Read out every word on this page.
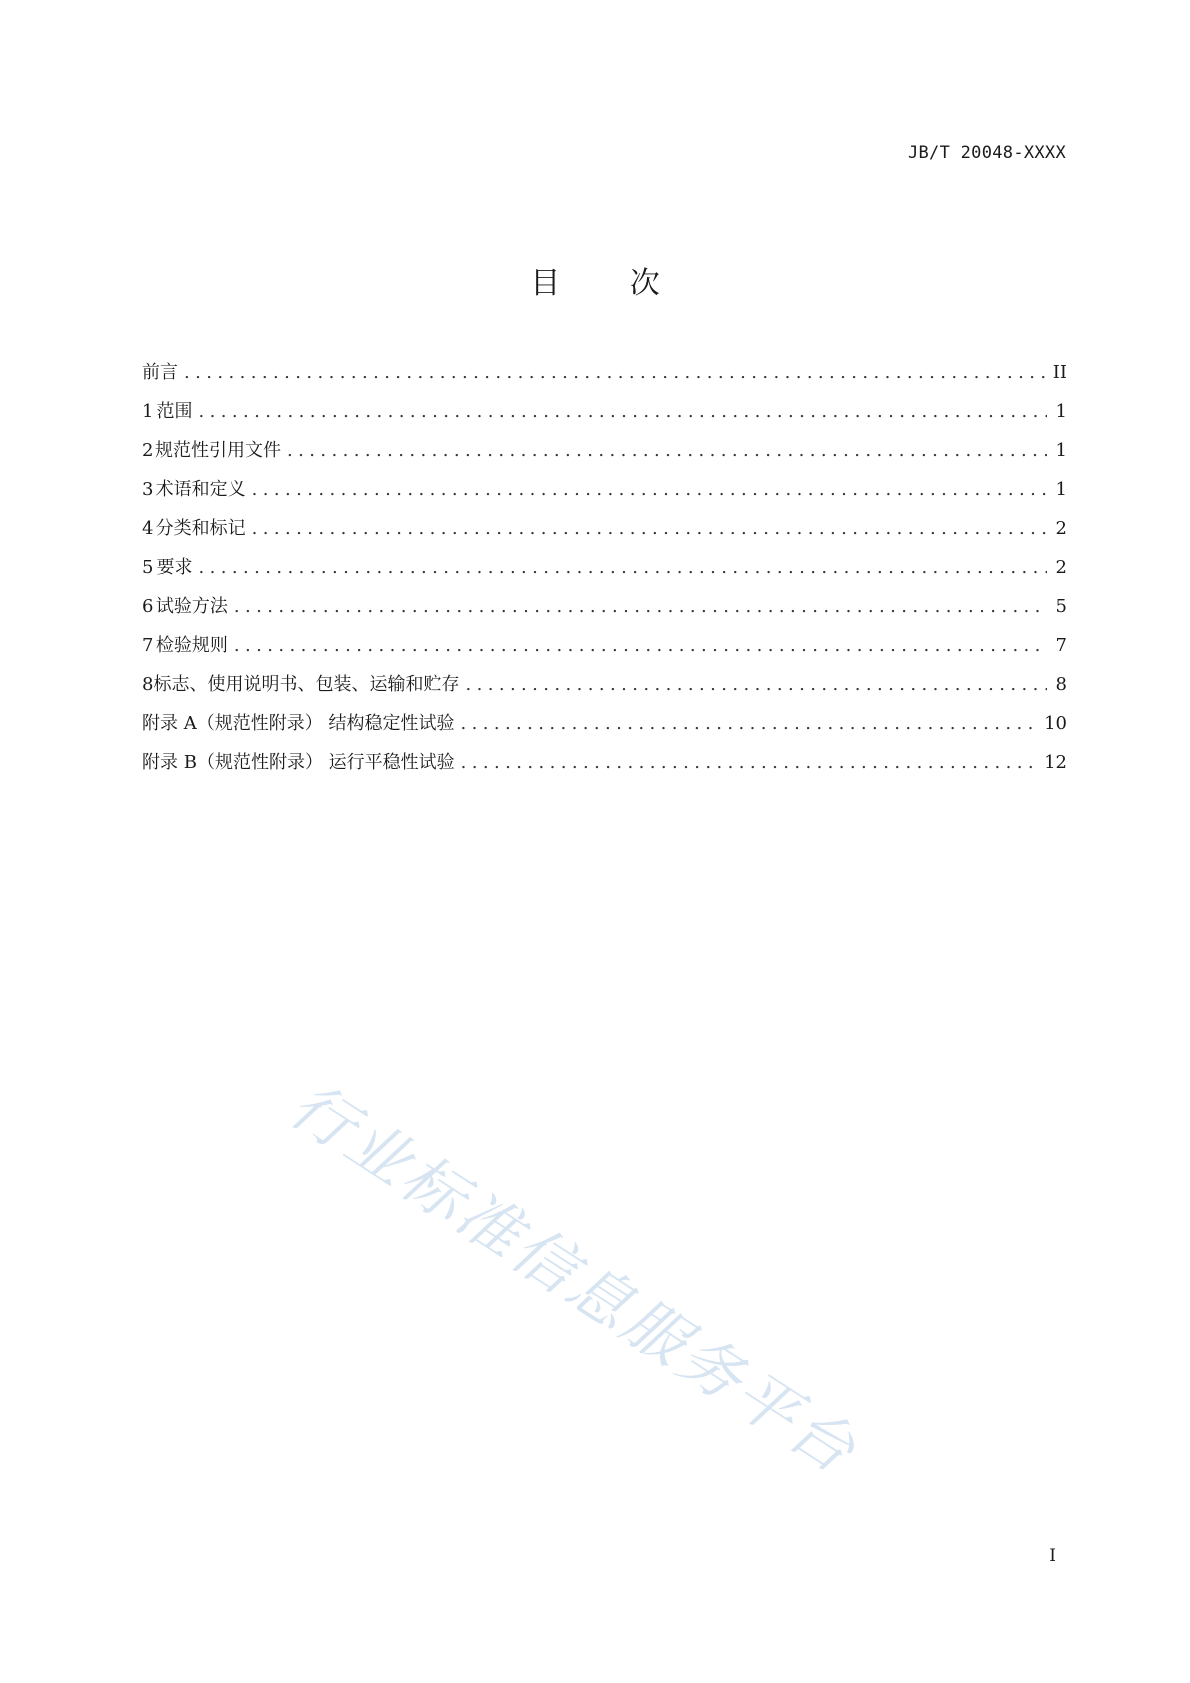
JB/T 20048-XXXX
目 次
前言 .....	II
1 范围 .....	1
2 规范性引用文件 .....	1
3 术语和定义 .....	1
4 分类和标记 .....	2
5 要求 .....	2
6 试验方法 .....	5
7 检验规则 .....	7
8 标志、使用说明书、包装、运输和贮存 .....	8
附录 A（规范性附录） 结构稳定性试验 .....	10
附录 B（规范性附录） 运行平稳性试验 .....	12
行业标准信息服务平台
I
